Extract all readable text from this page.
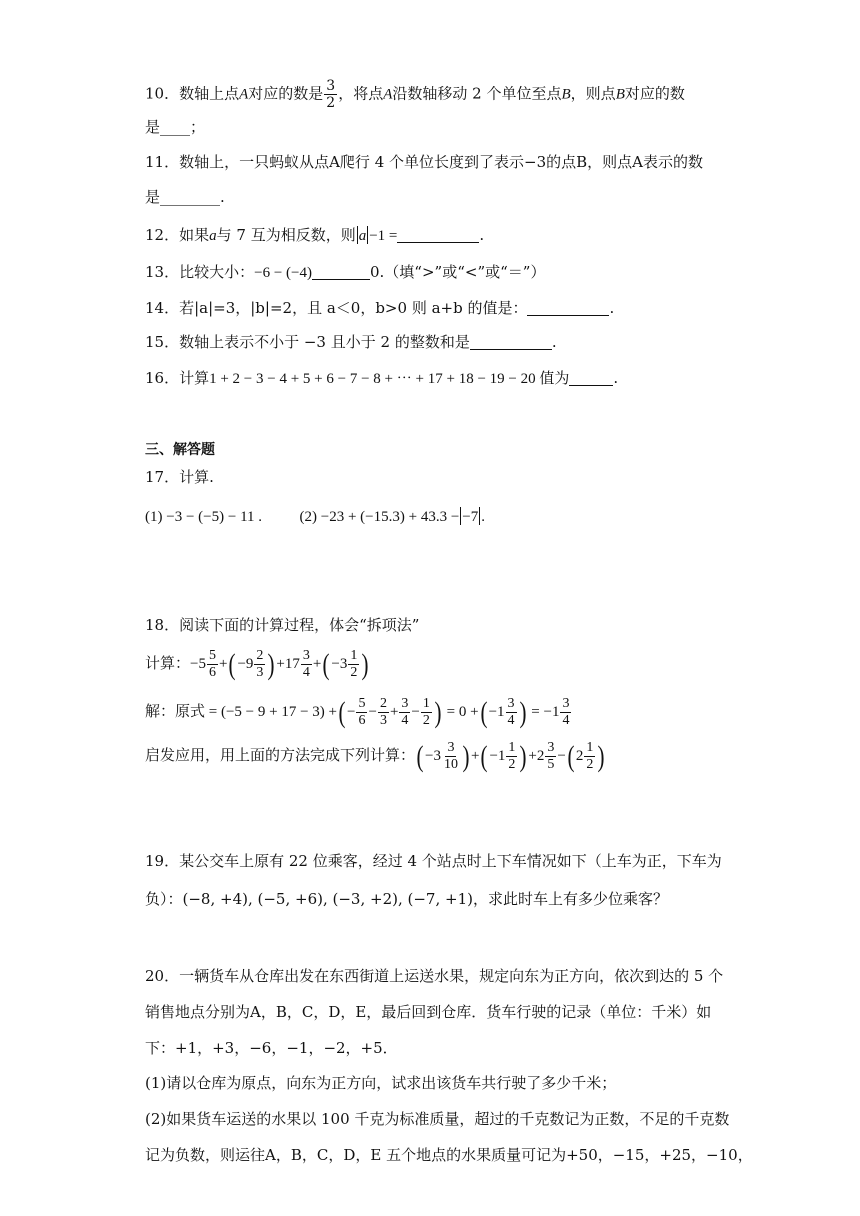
10．数轴上点A对应的数是 $\frac{3}{2}$ ，将点A沿数轴移动 2 个单位至点B，则点B对应的数
是____；
11．数轴上，一只蚂蚁从点A爬行 4 个单位长度到了表示−3的点B，则点A表示的数
是________.
12．如果a与 7 互为相反数，则 a −1 =	.
13．比较大小：−6 − (−4)	0.（填“>”或“<”或“＝”）
14．若|a|=3，|b|=2，且 a＜0，b>0 则 a+b 的值是：	.
15．数轴上表示不小于 −3 且小于 2 的整数和是	.
16．计算1 + 2 − 3 − 4 + 5 + 6 − 7 − 8 + ⋯ + 17 + 18 − 19 − 20 值为	.
三、解答题
17．计算.
(1) −3 − (−5) − 11 .	(2) −23 + (−15.3) + 43.3 − −7 .
18．阅读下面的计算过程，体会“拆项法”
计算：$-5 \frac{5}{6}$ +( $-9 \frac{2}{3}$ ) $+17 \frac{3}{4}$ +( $-3 \frac{1}{2}$ )
解：原式 = (−5 − 9 + 17 − 3) +( − $\frac{5}{6} - \frac{2}{3} + \frac{3}{4} - \frac{1}{2}$ ) = 0 +( $-1 \frac{3}{4}$ ) = $-1 \frac{3}{4}$
启发应用，用上面的方法完成下列计算：( $-3 \frac{3}{10}$ ) +( $-1 \frac{1}{2}$ ) $+2 \frac{3}{5}$ −( $2 \frac{1}{2}$ )
19．某公交车上原有 22 位乘客，经过 4 个站点时上下车情况如下（上车为正，下车为
负）：(−8, +4), (−5, +6), (−3, +2), (−7, +1)，求此时车上有多少位乘客？
20．一辆货车从仓库出发在东西街道上运送水果，规定向东为正方向，依次到达的 5 个
销售地点分别为A，B，C，D，E，最后回到仓库．货车行驶的记录（单位：千米）如
下：+1，+3，−6，−1，−2，+5．
(1)请以仓库为原点，向东为正方向，试求出该货车共行驶了多少千米；
(2)如果货车运送的水果以 100 千克为标准质量，超过的千克数记为正数，不足的千克数
记为负数，则运往A，B，C，D，E 五个地点的水果质量可记为+50，−15，+25，−10，
